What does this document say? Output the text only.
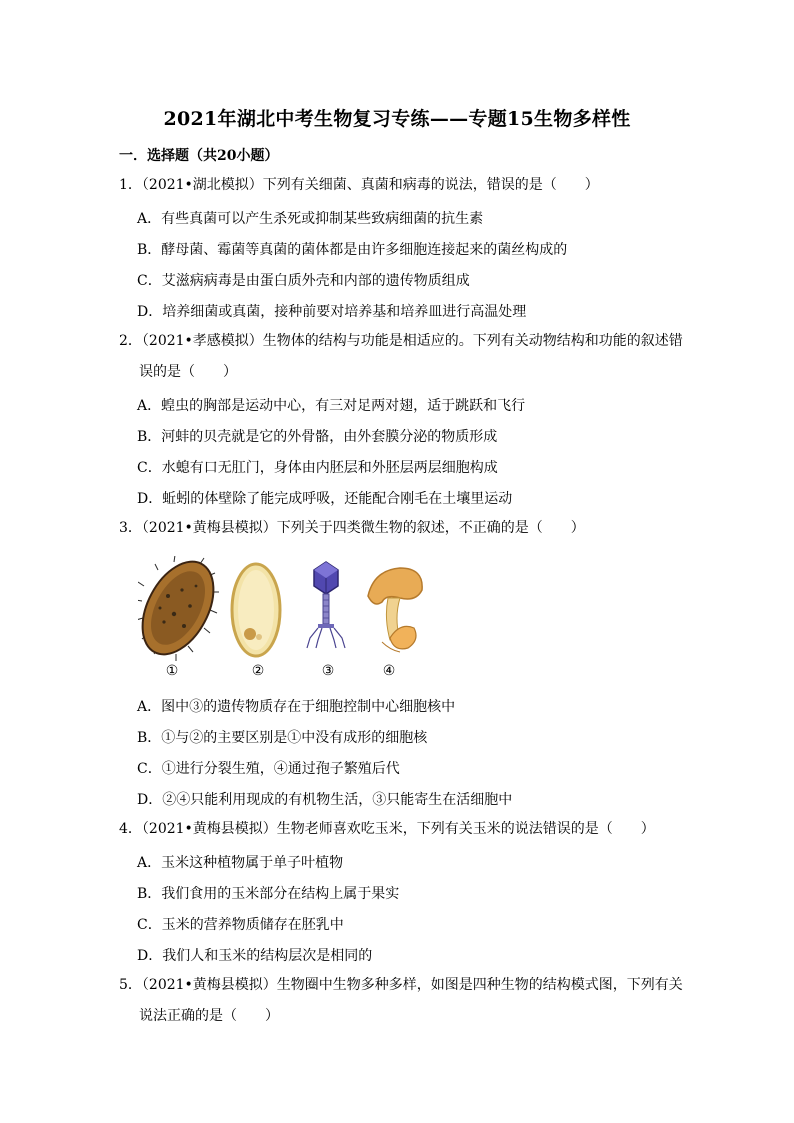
2021年湖北中考生物复习专练——专题15生物多样性
一．选择题（共20小题）
1．（2021•湖北模拟）下列有关细菌、真菌和病毒的说法，错误的是（　　）
A．有些真菌可以产生杀死或抑制某些致病细菌的抗生素
B．酵母菌、霉菌等真菌的菌体都是由许多细胞连接起来的菌丝构成的
C．艾滋病病毒是由蛋白质外壳和内部的遗传物质组成
D．培养细菌或真菌，接种前要对培养基和培养皿进行高温处理
2．（2021•孝感模拟）生物体的结构与功能是相适应的。下列有关动物结构和功能的叙述错
误的是（　　）
A．蝗虫的胸部是运动中心，有三对足两对翅，适于跳跃和飞行
B．河蚌的贝壳就是它的外骨骼，由外套膜分泌的物质形成
C．水螅有口无肛门，身体由内胚层和外胚层两层细胞构成
D．蚯蚓的体壁除了能完成呼吸，还能配合刚毛在土壤里运动
3．（2021•黄梅县模拟）下列关于四类微生物的叙述，不正确的是（　　）
①	②	③	④
A．图中③的遗传物质存在于细胞控制中心细胞核中
B．①与②的主要区别是①中没有成形的细胞核
C．①进行分裂生殖，④通过孢子繁殖后代
D．②④只能利用现成的有机物生活，③只能寄生在活细胞中
4．（2021•黄梅县模拟）生物老师喜欢吃玉米，下列有关玉米的说法错误的是（　　）
A．玉米这种植物属于单子叶植物
B．我们食用的玉米部分在结构上属于果实
C．玉米的营养物质储存在胚乳中
D．我们人和玉米的结构层次是相同的
5．（2021•黄梅县模拟）生物圈中生物多种多样，如图是四种生物的结构模式图，下列有关
说法正确的是（　　）
